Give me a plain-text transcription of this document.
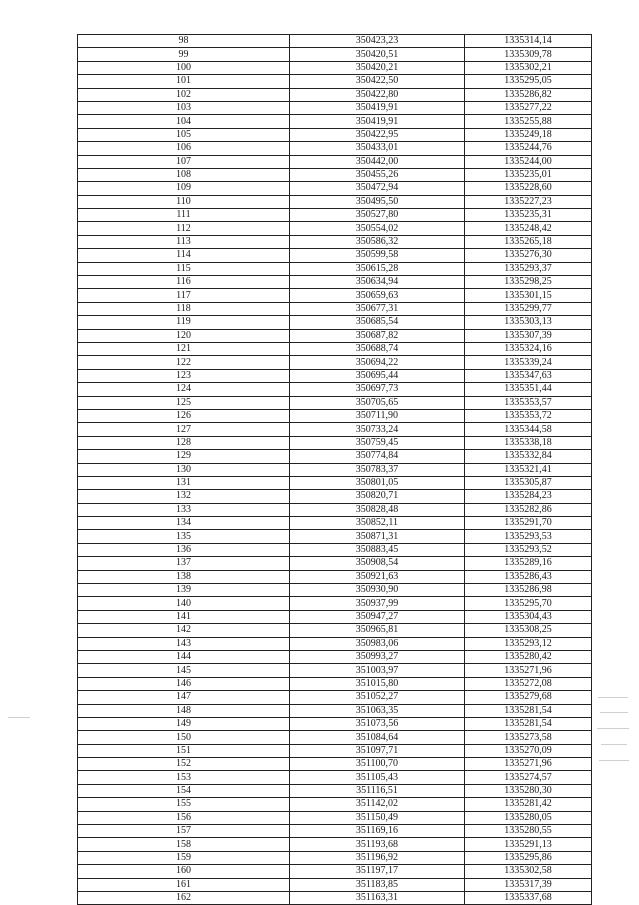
98	350423,23	1335314,14
99	350420,51	1335309,78
100	350420,21	1335302,21
101	350422,50	1335295,05
102	350422,80	1335286,82
103	350419,91	1335277,22
104	350419,91	1335255,88
105	350422,95	1335249,18
106	350433,01	1335244,76
107	350442,00	1335244,00
108	350455,26	1335235,01
109	350472,94	1335228,60
110	350495,50	1335227,23
111	350527,80	1335235,31
112	350554,02	1335248,42
113	350586,32	1335265,18
114	350599,58	1335276,30
115	350615,28	1335293,37
116	350634,94	1335298,25
117	350659,63	1335301,15
118	350677,31	1335299,77
119	350685,54	1335303,13
120	350687,82	1335307,39
121	350688,74	1335324,16
122	350694,22	1335339,24
123	350695,44	1335347,63
124	350697,73	1335351,44
125	350705,65	1335353,57
126	350711,90	1335353,72
127	350733,24	1335344,58
128	350759,45	1335338,18
129	350774,84	1335332,84
130	350783,37	1335321,41
131	350801,05	1335305,87
132	350820,71	1335284,23
133	350828,48	1335282,86
134	350852,11	1335291,70
135	350871,31	1335293,53
136	350883,45	1335293,52
137	350908,54	1335289,16
138	350921,63	1335286,43
139	350930,90	1335286,98
140	350937,99	1335295,70
141	350947,27	1335304,43
142	350965,81	1335308,25
143	350983,06	1335293,12
144	350993,27	1335280,42
145	351003,97	1335271,96
146	351015,80	1335272,08
147	351052,27	1335279,68
148	351063,35	1335281,54
149	351073,56	1335281,54
150	351084,64	1335273,58
151	351097,71	1335270,09
152	351100,70	1335271,96
153	351105,43	1335274,57
154	351116,51	1335280,30
155	351142,02	1335281,42
156	351150,49	1335280,05
157	351169,16	1335280,55
158	351193,68	1335291,13
159	351196,92	1335295,86
160	351197,17	1335302,58
161	351183,85	1335317,39
162	351163,31	1335337,68
